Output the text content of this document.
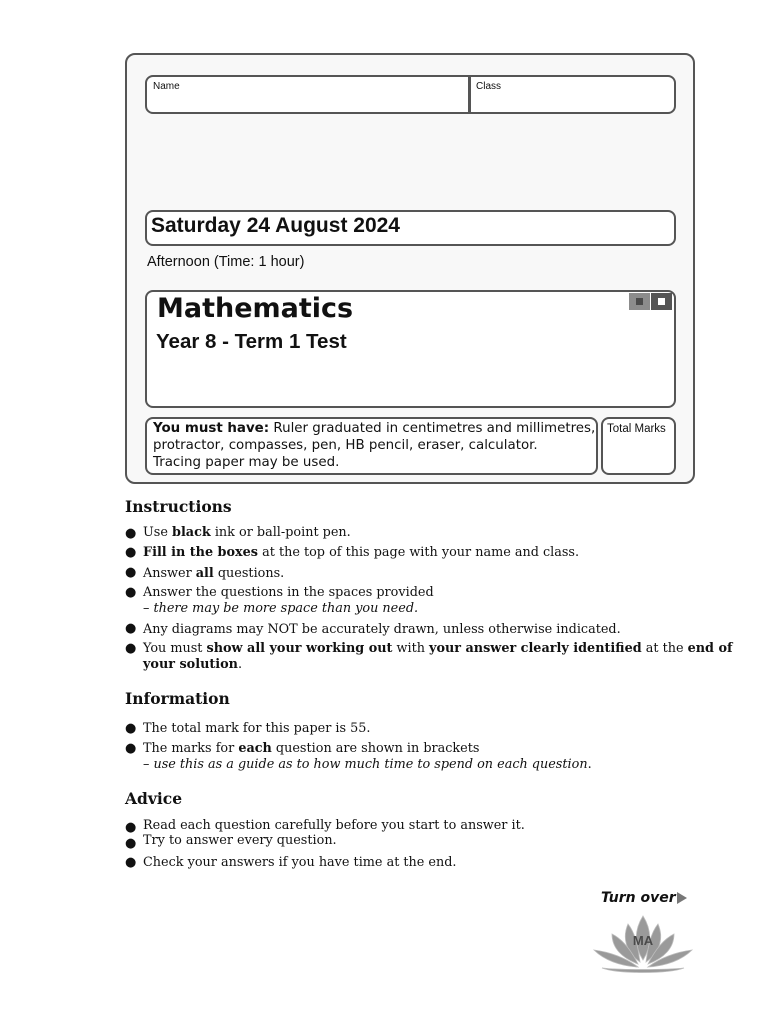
Name	Class
Saturday 24 August 2024
Afternoon (Time: 1 hour)
Mathematics
Year 8 - Term 1 Test
You must have: Ruler graduated in centimetres and millimetres,
protractor, compasses, pen, HB pencil, eraser, calculator.
Tracing paper may be used.
Total Marks
Instructions
● Use black ink or ball-point pen.
● Fill in the boxes at the top of this page with your name and class.
● Answer all questions.
● Answer the questions in the spaces provided
– there may be more space than you need.
● Any diagrams may NOT be accurately drawn, unless otherwise indicated.
● You must show all your working out with your answer clearly identified at the end of
your solution.
Information
● The total mark for this paper is 55.
● The marks for each question are shown in brackets
– use this as a guide as to how much time to spend on each question.
Advice
● Read each question carefully before you start to answer it.
● Try to answer every question.
● Check your answers if you have time at the end.
Turn over
MA
